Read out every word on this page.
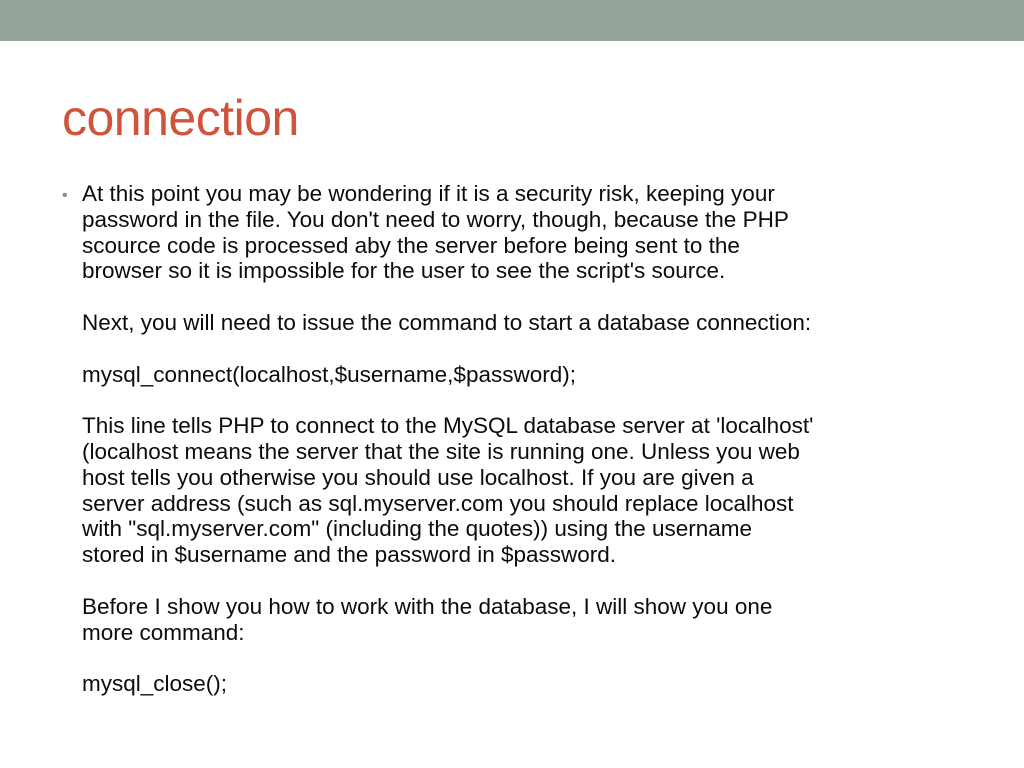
connection
• At this point you may be wondering if it is a security risk, keeping your
password in the file. You don't need to worry, though, because the PHP
scource code is processed aby the server before being sent to the
browser so it is impossible for the user to see the script's source.
Next, you will need to issue the command to start a database connection:
mysql_connect(localhost,$username,$password);
This line tells PHP to connect to the MySQL database server at 'localhost'
(localhost means the server that the site is running one. Unless you web
host tells you otherwise you should use localhost. If you are given a
server address (such as sql.myserver.com you should replace localhost
with "sql.myserver.com" (including the quotes)) using the username
stored in $username and the password in $password.
Before I show you how to work with the database, I will show you one
more command:
mysql_close();
